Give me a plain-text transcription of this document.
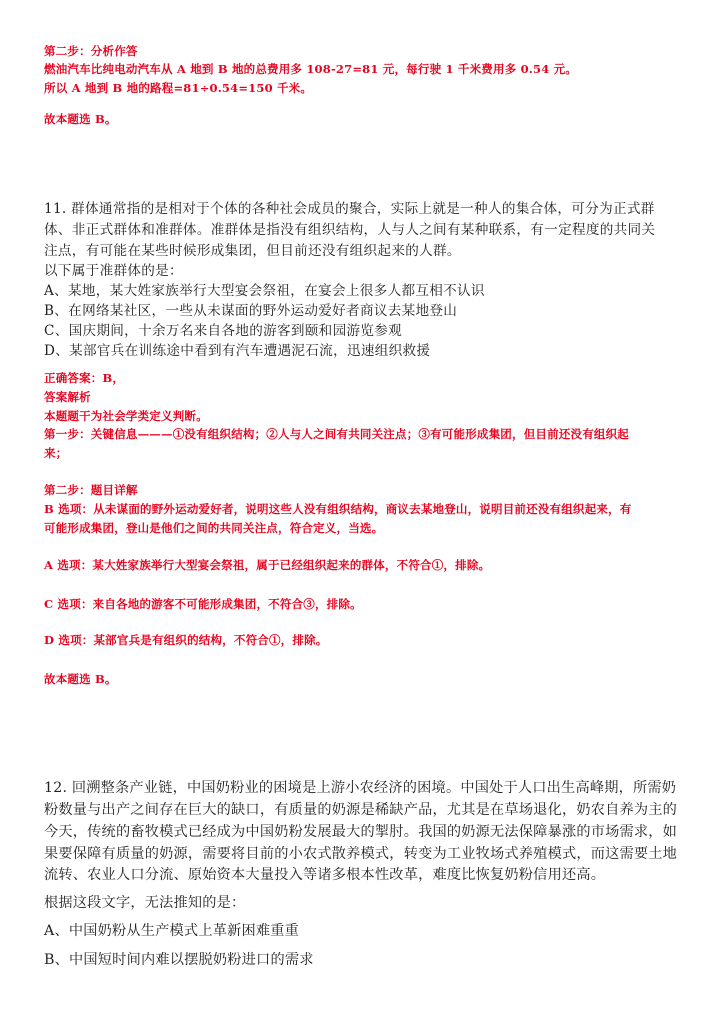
第二步：分析作答
燃油汽车比纯电动汽车从 A 地到 B 地的总费用多 108-27=81 元，每行驶 1 千米费用多 0.54 元。
所以 A 地到 B 地的路程=81÷0.54=150 千米。
故本题选 B。
11. 群体通常指的是相对于个体的各种社会成员的聚合，实际上就是一种人的集合体，可分为正式群
体、非正式群体和准群体。准群体是指没有组织结构，人与人之间有某种联系，有一定程度的共同关
注点，有可能在某些时候形成集团，但目前还没有组织起来的人群。
以下属于准群体的是：
A、某地，某大姓家族举行大型宴会祭祖，在宴会上很多人都互相不认识
B、在网络某社区，一些从未谋面的野外运动爱好者商议去某地登山
C、国庆期间，十余万名来自各地的游客到颐和园游览参观
D、某部官兵在训练途中看到有汽车遭遇泥石流，迅速组织救援
正确答案：B，
答案解析
本题题干为社会学类定义判断。
第一步：关键信息———①没有组织结构；②人与人之间有共同关注点；③有可能形成集团，但目前还没有组织起
来；
第二步：题目详解
B 选项：从未谋面的野外运动爱好者，说明这些人没有组织结构，商议去某地登山，说明目前还没有组织起来，有
可能形成集团，登山是他们之间的共同关注点，符合定义，当选。
A 选项：某大姓家族举行大型宴会祭祖，属于已经组织起来的群体，不符合①，排除。
C 选项：来自各地的游客不可能形成集团，不符合③，排除。
D 选项：某部官兵是有组织的结构，不符合①，排除。
故本题选 B。
12. 回溯整条产业链，中国奶粉业的困境是上游小农经济的困境。中国处于人口出生高峰期，所需奶
粉数量与出产之间存在巨大的缺口，有质量的奶源是稀缺产品，尤其是在草场退化，奶农自养为主的
今天，传统的畜牧模式已经成为中国奶粉发展最大的掣肘。我国的奶源无法保障暴涨的市场需求，如
果要保障有质量的奶源，需要将目前的小农式散养模式，转变为工业牧场式养殖模式，而这需要土地
流转、农业人口分流、原始资本大量投入等诸多根本性改革，难度比恢复奶粉信用还高。
根据这段文字，无法推知的是：
A、中国奶粉从生产模式上革新困难重重
B、中国短时间内难以摆脱奶粉进口的需求
